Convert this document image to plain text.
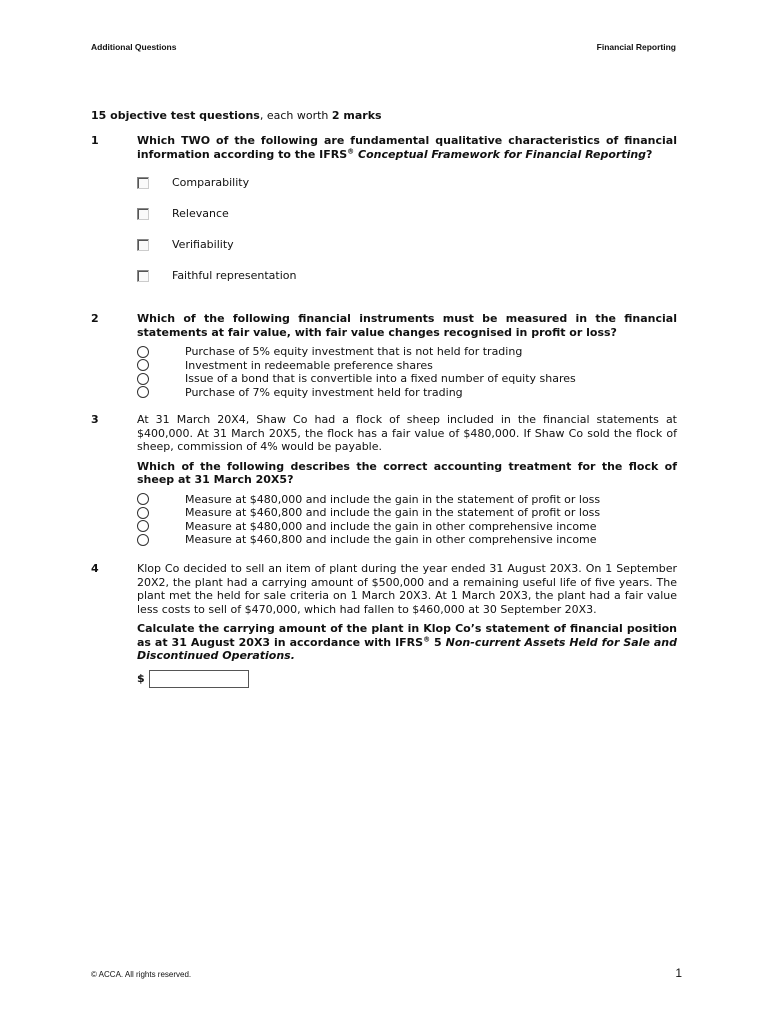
Additional Questions	Financial Reporting
15 objective test questions, each worth 2 marks
1	Which TWO of the following are fundamental qualitative characteristics of financial information according to the IFRS® Conceptual Framework for Financial Reporting?
Comparability
Relevance
Verifiability
Faithful representation
2	Which of the following financial instruments must be measured in the financial statements at fair value, with fair value changes recognised in profit or loss?
Purchase of 5% equity investment that is not held for trading
Investment in redeemable preference shares
Issue of a bond that is convertible into a fixed number of equity shares
Purchase of 7% equity investment held for trading
3	At 31 March 20X4, Shaw Co had a flock of sheep included in the financial statements at $400,000. At 31 March 20X5, the flock has a fair value of $480,000. If Shaw Co sold the flock of sheep, commission of 4% would be payable.
Which of the following describes the correct accounting treatment for the flock of sheep at 31 March 20X5?
Measure at $480,000 and include the gain in the statement of profit or loss
Measure at $460,800 and include the gain in the statement of profit or loss
Measure at $480,000 and include the gain in other comprehensive income
Measure at $460,800 and include the gain in other comprehensive income
4	Klop Co decided to sell an item of plant during the year ended 31 August 20X3. On 1 September 20X2, the plant had a carrying amount of $500,000 and a remaining useful life of five years. The plant met the held for sale criteria on 1 March 20X3. At 1 March 20X3, the plant had a fair value less costs to sell of $470,000, which had fallen to $460,000 at 30 September 20X3.
Calculate the carrying amount of the plant in Klop Co’s statement of financial position as at 31 August 20X3 in accordance with IFRS® 5 Non-current Assets Held for Sale and Discontinued Operations.
$
© ACCA. All rights reserved.	1
